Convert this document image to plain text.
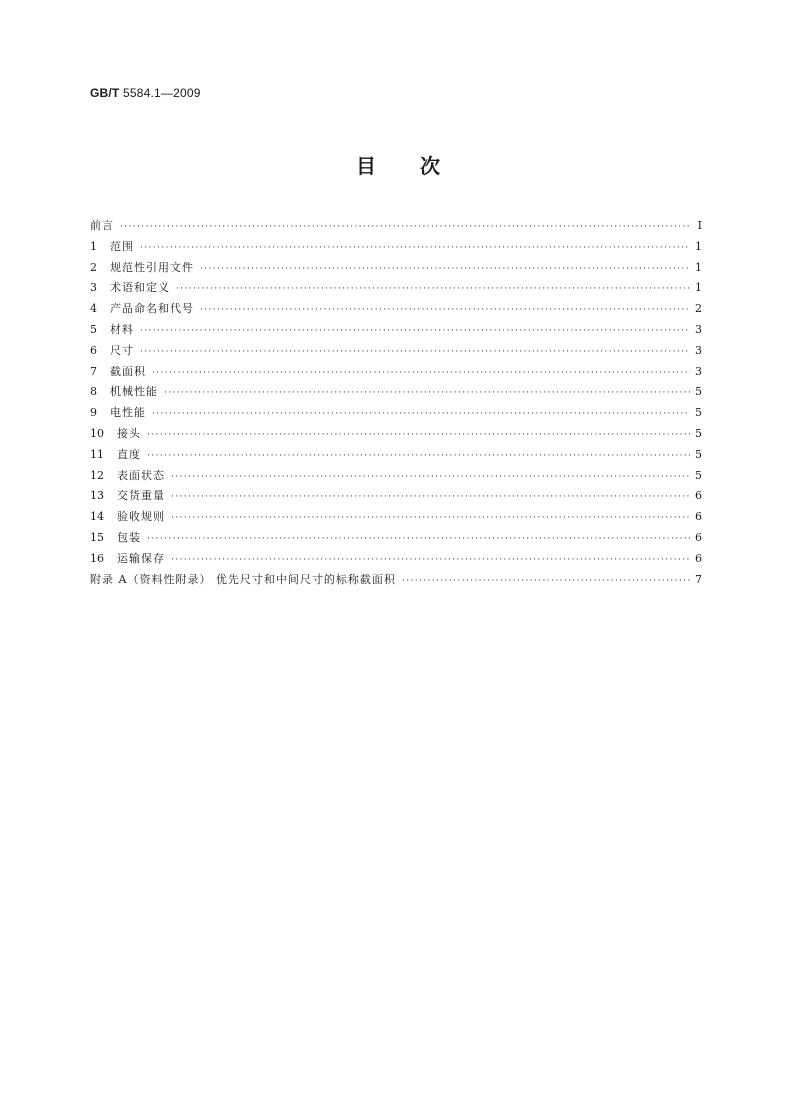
GB/T 5584.1—2009
目次
前言 ·····	Ⅰ
1	范围 ·····	1
2	规范性引用文件 ·····	1
3	术语和定义 ·····	1
4	产品命名和代号 ·····	2
5	材料 ·····	3
6	尺寸 ·····	3
7	截面积 ·····	3
8	机械性能 ·····	5
9	电性能 ·····	5
10	接头 ·····	5
11	直度 ·····	5
12	表面状态 ·····	5
13	交货重量 ·····	6
14	验收规则 ·····	6
15	包装 ·····	6
16	运输保存 ·····	6
附录 A（资料性附录） 优先尺寸和中间尺寸的标称截面积 ·····	7
